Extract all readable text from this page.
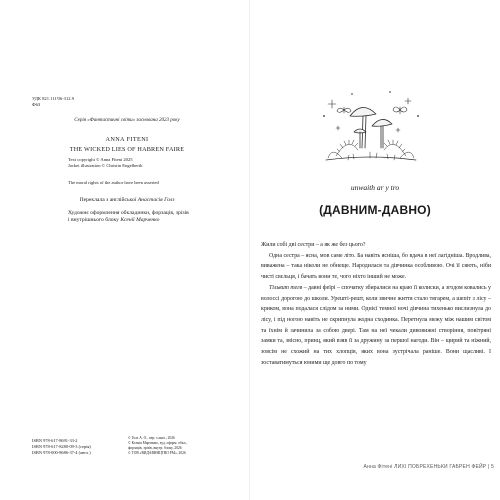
УДК 821.111'06-312.9
Ф63
Серія «Фантастичні світи» заснована 2023 року
ANNA FITENI
THE WICKED LIES OF HABREN FAIRE
Text copyright © Anna Fiteni 2025
Jacket illustration © Christin Engelberth
The moral rights of the author have been asserted
Переклала з англійської Анастасія Голз
Художнє оформлення обкладинки, форзаців, зрізів
і внутрішнього блоку Ксенії Марченко
ISBN 978-617-8691-33-2
ISBN 978-617-8280-09-3 (серія)
ISBN 978-000-8686-37-4 (англ.)
© Голз А. О., пер. з англ., 2026
© Ксенія Марченко, худ. оформ. обкл.,
форзаців, зрізів, внутр. блоку, 2026
© ТОВ «ВИДАВНИЦТВО РМ», 2026
unwaith ar y tro
(ДАВНИМ-ДАВНО)

Жили собі дві сестри – а як же без цього?

Одна сестра – ясна, мов саме літо. Ба навіть ясніша, бо вдача в неї лагідніша. Вродлива, виважена – така ніколи не обнеще. Народилася та дівчинка особливою. Очі її сяють, ніби чисті свєльця, і бачать вони те, чого ніхто інший не може.

Тільвит тегв – давні феїрі – спочатку збиралися на краю її колиски, а згодом ковались у волоссі дорогою до школи. Урешті-решт, коли звичне життя стало тягарем, а шепіт з лісу – криком, вона подалася слідом за ними. Однієї темної ночі дівчина тихенько вислизнула до лісу, і під ногою навіть не скрипнула жодна сходинка. Перетнула межу між нашим світом та їхнім й зачинила за собою двері. Там на неї чекали дивовижні створіння, повітряні замки та, звісно, принц, який взяв її за дружину за першої нагоди. Він – щирий та ніжний, зовсім не схожий на тих хлопців, яких вона зустрічала раніше. Вони щасливі. І зоставатимуться юними ще довго по тому

Анна Фітені ЛИХІ ПОБРЕХЕНЬКИ ГАБРЕН ФЕЙР | 5
